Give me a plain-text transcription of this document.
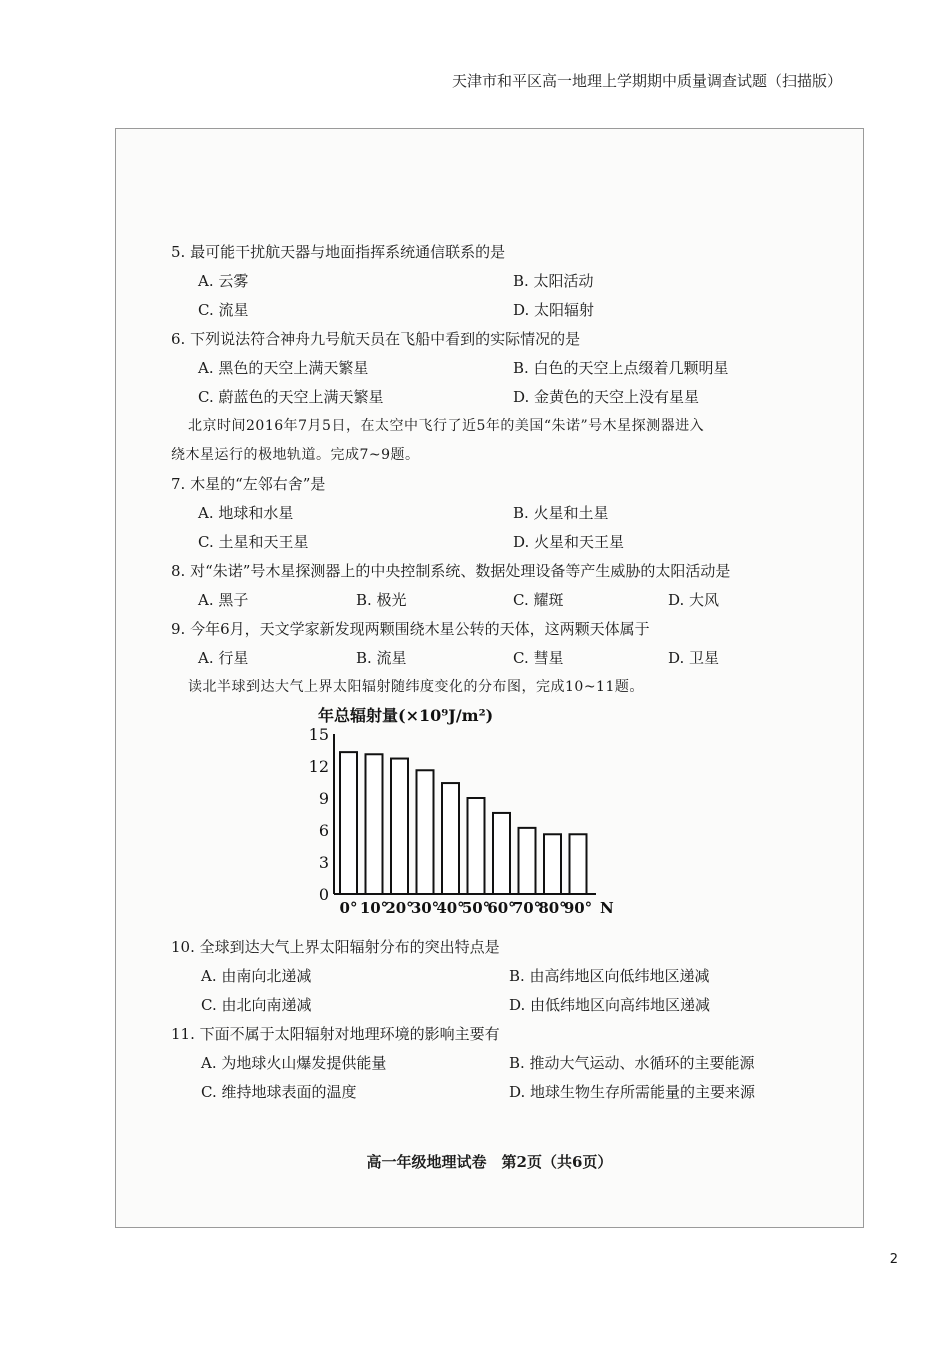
天津市和平区高一地理上学期期中质量调查试题（扫描版）
5. 最可能干扰航天器与地面指挥系统通信联系的是
A. 云雾	B. 太阳活动
C. 流星	D. 太阳辐射
6. 下列说法符合神舟九号航天员在飞船中看到的实际情况的是
A. 黑色的天空上满天繁星	B. 白色的天空上点缀着几颗明星
C. 蔚蓝色的天空上满天繁星	D. 金黄色的天空上没有星星
北京时间2016年7月5日，在太空中飞行了近5年的美国“朱诺”号木星探测器进入
绕木星运行的极地轨道。完成7~9题。
7. 木星的“左邻右舍”是
A. 地球和水星	B. 火星和土星
C. 土星和天王星	D. 火星和天王星
8. 对“朱诺”号木星探测器上的中央控制系统、数据处理设备等产生威胁的太阳活动是
A. 黑子	B. 极光	C. 耀斑	D. 大风
9. 今年6月，天文学家新发现两颗围绕木星公转的天体，这两颗天体属于
A. 行星	B. 流星	C. 彗星	D. 卫星
读北半球到达大气上界太阳辐射随纬度变化的分布图，完成10~11题。
年总辐射量(×10⁹J/m²)
0
3
6
9
12
15
0° 10°
20°
30°
40°
50°
60°
70°
80°
90° N
10. 全球到达大气上界太阳辐射分布的突出特点是
A. 由南向北递减	B. 由高纬地区向低纬地区递减
C. 由北向南递减	D. 由低纬地区向高纬地区递减
11. 下面不属于太阳辐射对地理环境的影响主要有
A. 为地球火山爆发提供能量	B. 推动大气运动、水循环的主要能源
C. 维持地球表面的温度	D. 地球生物生存所需能量的主要来源
高一年级地理试卷　第2页（共6页）
2
